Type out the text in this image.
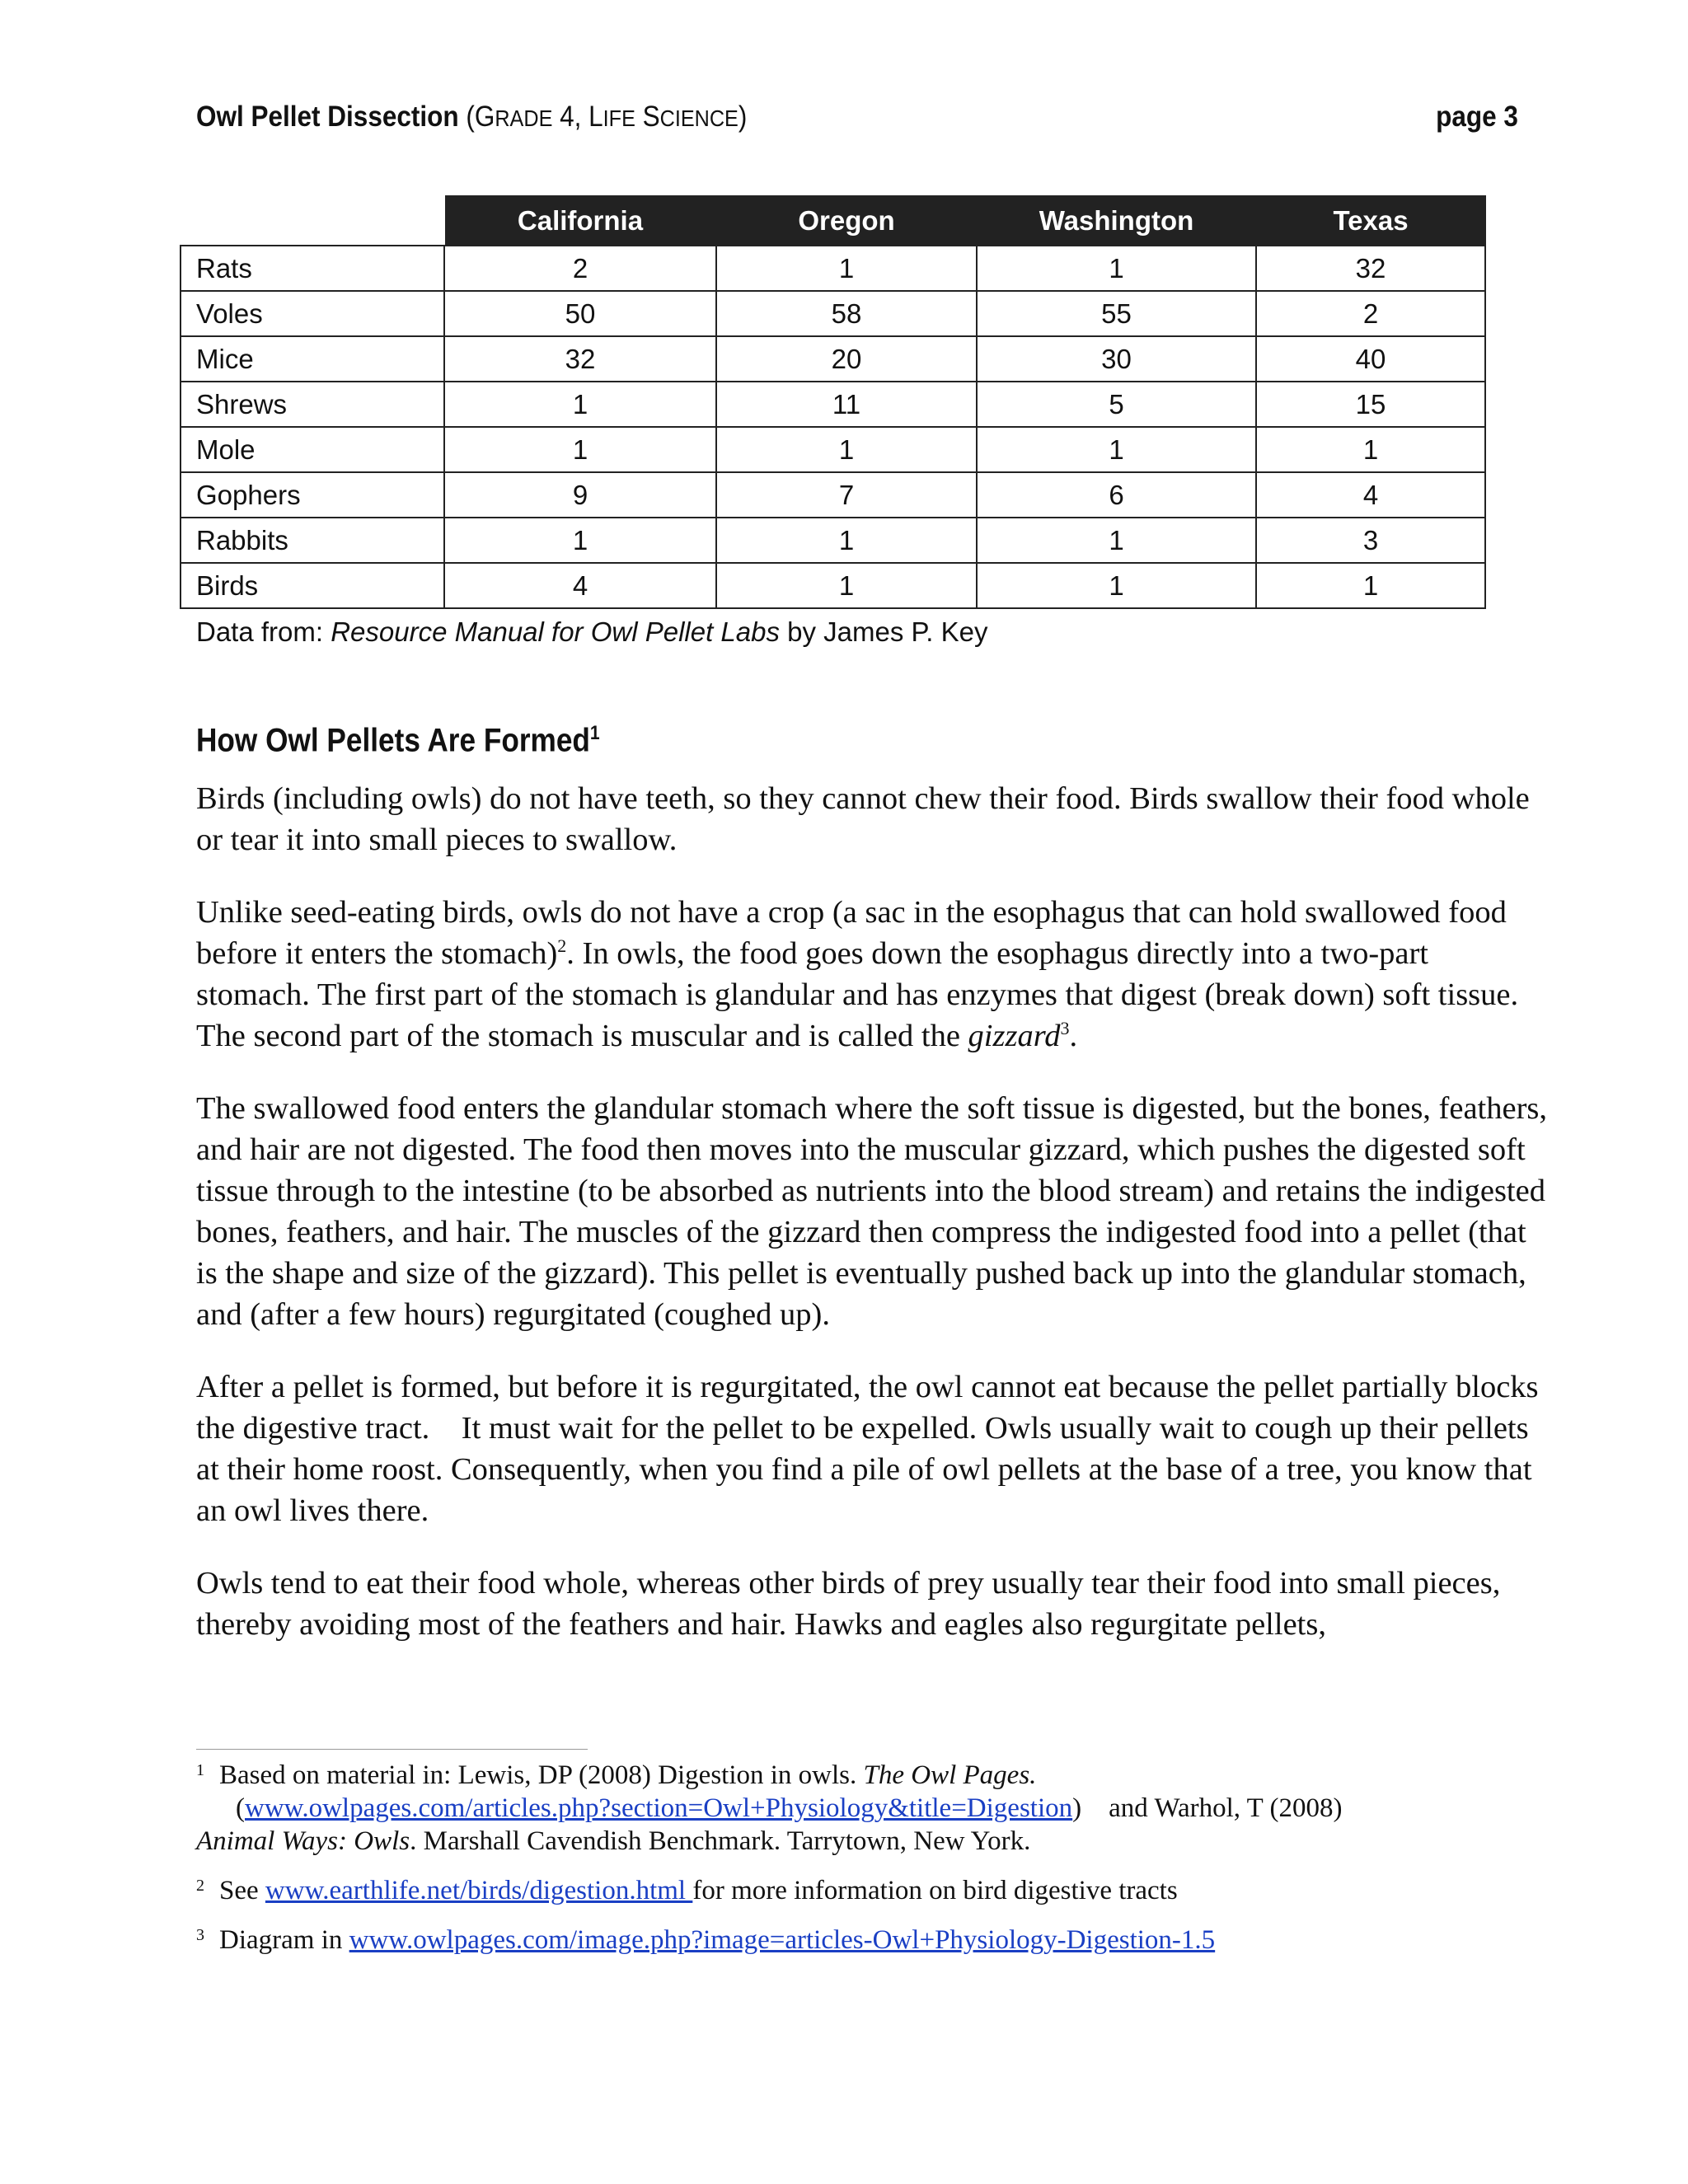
Owl Pellet Dissection (GRADE 4, LIFE SCIENCE)	page 3
	California	Oregon	Washington	Texas
Rats	2	1	1	32
Voles	50	58	55	2
Mice	32	20	30	40
Shrews	1	11	5	15
Mole	1	1	1	1
Gophers	9	7	6	4
Rabbits	1	1	1	3
Birds	4	1	1	1
Data from: Resource Manual for Owl Pellet Labs by James P. Key
How Owl Pellets Are Formed$^1$

Birds (including owls) do not have teeth, so they cannot chew their food. Birds swallow their food whole or tear it into small pieces to swallow.

Unlike seed-eating birds, owls do not have a crop (a sac in the esophagus that can hold swallowed food before it enters the stomach)$^2$. In owls, the food goes down the esophagus directly into a two-part stomach. The first part of the stomach is glandular and has enzymes that digest (break down) soft tissue. The second part of the stomach is muscular and is called the gizzard$^3$.

The swallowed food enters the glandular stomach where the soft tissue is digested, but the bones, feathers, and hair are not digested. The food then moves into the muscular gizzard, which pushes the digested soft tissue through to the intestine (to be absorbed as nutrients into the blood stream) and retains the indigested bones, feathers, and hair. The muscles of the gizzard then compress the indigested food into a pellet (that is the shape and size of the gizzard). This pellet is eventually pushed back up into the glandular stomach, and (after a few hours) regurgitated (coughed up).

After a pellet is formed, but before it is regurgitated, the owl cannot eat because the pellet partially blocks the digestive tract.    It must wait for the pellet to be expelled. Owls usually wait to cough up their pellets at their home roost. Consequently, when you find a pile of owl pellets at the base of a tree, you know that an owl lives there.

Owls tend to eat their food whole, whereas other birds of prey usually tear their food into small pieces, thereby avoiding most of the feathers and hair. Hawks and eagles also regurgitate pellets,

1 Based on material in: Lewis, DP (2008) Digestion in owls. The Owl Pages.
(www.owlpages.com/articles.php?section=Owl+Physiology&title=Digestion)    and Warhol, T (2008)
Animal Ways: Owls. Marshall Cavendish Benchmark. Tarrytown, New York.
2 See www.earthlife.net/birds/digestion.html for more information on bird digestive tracts
3 Diagram in www.owlpages.com/image.php?image=articles-Owl+Physiology-Digestion-1.5
